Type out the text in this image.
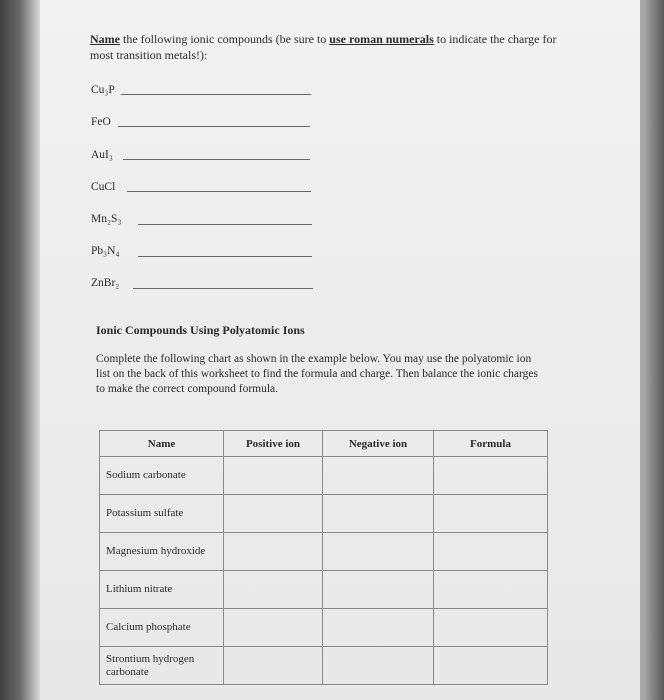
Name the following ionic compounds (be sure to use roman numerals to indicate the charge for most transition metals!):
Cu₃P
FeO
AuI₃
CuCl
Mn₂S₃
Pb₃N₄
ZnBr₂
Ionic Compounds Using Polyatomic Ions
Complete the following chart as shown in the example below. You may use the polyatomic ion list on the back of this worksheet to find the formula and charge. Then balance the ionic charges to make the correct compound formula.
Name	Positive ion	Negative ion	Formula
Sodium carbonate			
Potassium sulfate			
Magnesium hydroxide			
Lithium nitrate			
Calcium phosphate			
Strontium hydrogen carbonate			
